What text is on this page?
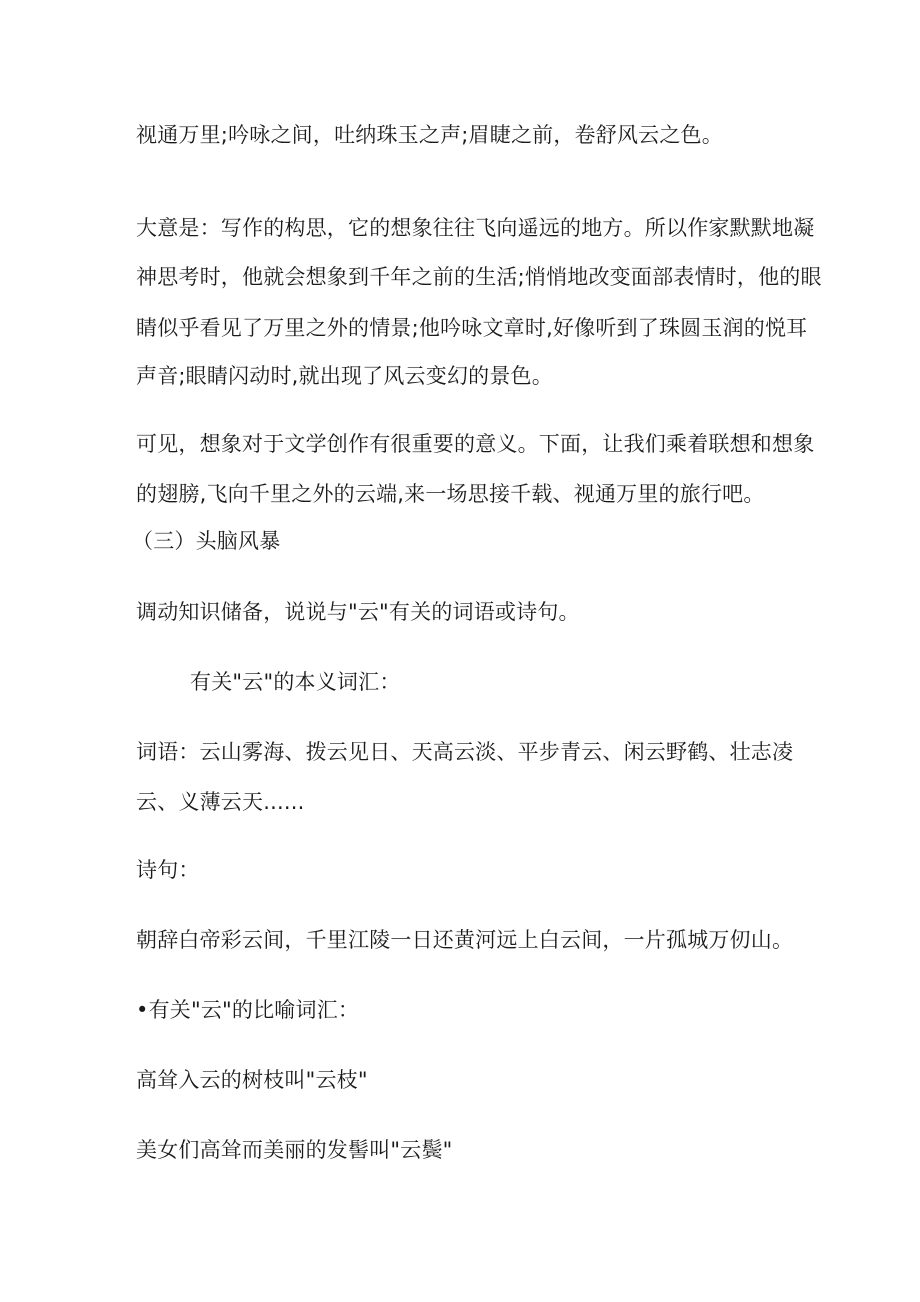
视通万里;吟咏之间，吐纳珠玉之声;眉睫之前，卷舒风云之色。
大意是：写作的构思，它的想象往往飞向遥远的地方。所以作家默默地凝
神思考时，他就会想象到千年之前的生活;悄悄地改变面部表情时，他的眼
睛似乎看见了万里之外的情景;他吟咏文章时,好像听到了珠圆玉润的悦耳
声音;眼睛闪动时,就出现了风云变幻的景色。
可见，想象对于文学创作有很重要的意义。下面，让我们乘着联想和想象
的翅膀,飞向千里之外的云端,来一场思接千载、视通万里的旅行吧。
（三）头脑风暴
调动知识储备，说说与"云"有关的词语或诗句。
有关"云"的本义词汇：
词语：云山雾海、拨云见日、天高云淡、平步青云、闲云野鹤、壮志凌
云、义薄云天......
诗句：
朝辞白帝彩云间，千里江陵一日还黄河远上白云间，一片孤城万仞山。
•有关"云"的比喻词汇：
高耸入云的树枝叫"云枝"
美女们高耸而美丽的发髻叫"云鬓"
